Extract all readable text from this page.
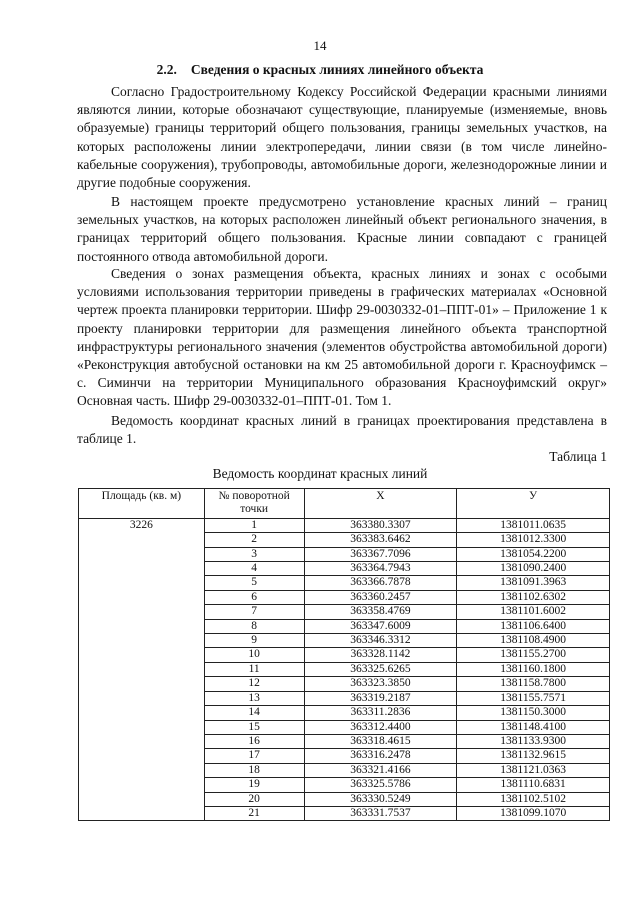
14
2.2. Сведения о красных линиях линейного объекта

Согласно Градостроительному Кодексу Российской Федерации красными линиями являются линии, которые обозначают существующие, планируемые (изменяемые, вновь образуемые) границы территорий общего пользования, границы земельных участков, на которых расположены линии электропередачи, линии связи (в том числе линейно-кабельные сооружения), трубопроводы, автомобильные дороги, железнодорожные линии и другие подобные сооружения.

В настоящем проекте предусмотрено установление красных линий – границ земельных участков, на которых расположен линейный объект регионального значения, в границах территорий общего пользования. Красные линии совпадают с границей постоянного отвода автомобильной дороги.

Сведения о зонах размещения объекта, красных линиях и зонах с особыми условиями использования территории приведены в графических материалах «Основной чертеж проекта планировки территории. Шифр 29-0030332-01–ППТ-01» – Приложение 1 к проекту планировки территории для размещения линейного объекта транспортной инфраструктуры регионального значения (элементов обустройства автомобильной дороги) «Реконструкция автобусной остановки на км 25 автомобильной дороги г. Красноуфимск – с. Симинчи на территории Муниципального образования Красноуфимский округ» Основная часть. Шифр 29-0030332-01–ППТ-01. Том 1.

Ведомость координат красных линий в границах проектирования представлена в таблице 1.

Таблица 1
Ведомость координат красных линий
Площадь (кв. м)	№ поворотной точки	X	У
3226	1	363380.3307	1381011.0635
	2	363383.6462	1381012.3300
	3	363367.7096	1381054.2200
	4	363364.7943	1381090.2400
	5	363366.7878	1381091.3963
	6	363360.2457	1381102.6302
	7	363358.4769	1381101.6002
	8	363347.6009	1381106.6400
	9	363346.3312	1381108.4900
	10	363328.1142	1381155.2700
	11	363325.6265	1381160.1800
	12	363323.3850	1381158.7800
	13	363319.2187	1381155.7571
	14	363311.2836	1381150.3000
	15	363312.4400	1381148.4100
	16	363318.4615	1381133.9300
	17	363316.2478	1381132.9615
	18	363321.4166	1381121.0363
	19	363325.5786	1381110.6831
	20	363330.5249	1381102.5102
	21	363331.7537	1381099.1070
